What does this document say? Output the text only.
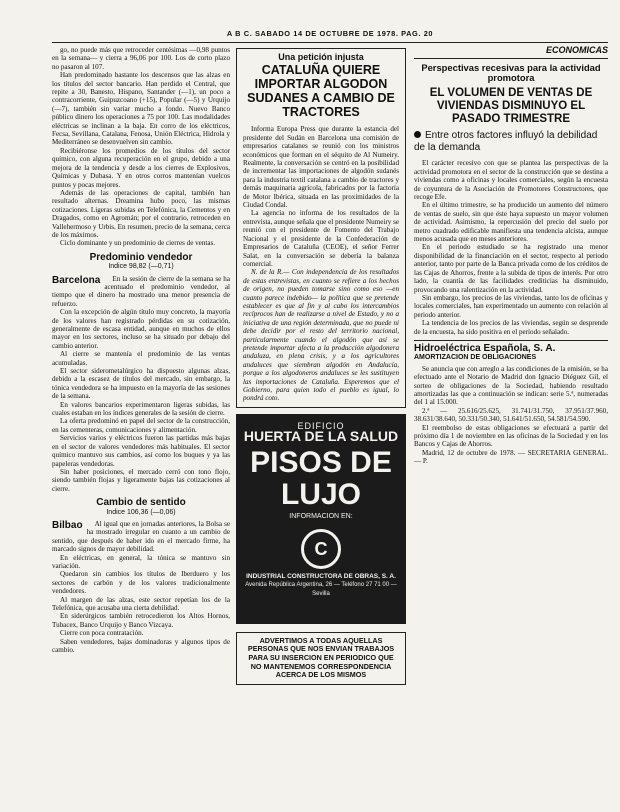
A B C. SABADO 14 DE OCTUBRE DE 1978. PAG. 20

go, no puede más que retroceder centésimas —0,98 puntos en la semana— y cierra a 96,06 por 100. Los de corto plazo no pasaron al 107.

Han predominado bastante los descensos que las alzas en los títulos del sector bancario. Han perdido el Central, que repite a 30, Banesto, Hispano, Santander (—1), un poco a contracorriente, Guipuzcoano (+15), Popular (—5) y Urquijo (—7), también sin variar mucho a fondo. Nuevo Banco público dinero los operaciones a 75 por 100. Las modalidades eléctricas se inclinan a la baja. En corro de los eléctricos, Fecsa, Sevillana, Catalana, Fenosa, Unión Eléctrica, Hidrola y Mediterráneo se desenvuelven sin cambio.

Recibiéronse los promedios de los títulos del sector químico, con alguna recuperación en el grupo, debido a una mejora de la tendencia y desde a los cierres de Explosivos, Químicas y Dubasa. Y en otros corros mantenían vuelcos puntos y pocas mejores.

Además de las operaciones de capital, también han resultado alternas. Dreamina hubo poco, las mismas cotizaciones. Ligeras subidas en Telefónica, la Cementos y en Dragados, como en Agromán; por el contrario, retroceden en Vallehermoso y Urbis. En resumen, precio de la semana, cerca de los máximos.

Ciclo dominante y un predominio de cierres de ventas.

Predominio vendedor
Indice 98,82 (—0,71)
Barcelona	En la sesión de cierre de la semana se ha acentuado el predominio vendedor, al tiempo que el dinero ha mostrado una menor presencia de refuerzo.

Con la excepción de algún título muy concreto, la mayoría de los valores han registrado pérdidas en su cotización, generalmente de escasa entidad, aunque en muchos de ellos mayor en los sectores, incluso se ha situado por debajo del cambio anterior.

Al cierre se mantenía el predominio de las ventas acumuladas.

El sector siderometalúrgico ha dispuesto algunas alzas, debido a la escasez de títulos del mercado, sin embargo, la tónica vendedora se ha impuesto en la mayoría de las sesiones de la semana.

En valores bancarios experimentaron ligeras subidas, las cuales estaban en los índices generales de la sesión de cierre.

La oferta predominó en papel del sector de la construcción, en las cementeras, comunicaciones y alimentación.

Servicios varios y eléctricos fueron las partidas más bajas en el sector de valores vendedores más habituales. El sector químico mantuvo sus cambios, así como los buques y ya las papeleras vendedoras.

Sin haber posiciones, el mercado cerró con tono flojo, siendo también flojas y ligeramente bajas las cotizaciones al cierre.

Cambio de sentido
Indice 106,36 (—0,06)
Bilbao	Al igual que en jornadas anteriores, la Bolsa se ha mostrado irregular en cuanto a un cambio de sentido, que después de haber ido en el mercado firme, ha marcado signos de mayor debilidad.

En eléctricas, en general, la tónica se mantuvo sin variación.

Quedaron sin cambios los títulos de Iberduero y los sectores de carbón y de los valores tradicionalmente vendedores.

Al margen de las alzas, este sector repetían los de la Telefónica, que acusaba una cierta debilidad.

En siderúrgicos también retrocedieron los Altos Hornos, Tubacex, Banco Urquijo y Banco Vizcaya.

Cierre con poca contratación.

Saben vendedores, bajas dominadoras y algunos tipos de cambio.

Una petición injusta
CATALUÑA QUIERE IMPORTAR ALGODON SUDANES A CAMBIO DE TRACTORES

Informa Europa Press que durante la estancia del presidente del Sudán en Barcelona una comisión de empresarios catalanes se reunió con los ministros económicos que forman en el séquito de Al Numeiry. Realmente, la conversación se centró en la posibilidad de incrementar las importaciones de algodón sudanés para la industria textil catalana a cambio de tractores y demás maquinaria agrícola, fabricados por la factoría de Motor Ibérica, situada en las proximidades de la Ciudad Condal.

La agencia no informa de los resultados de la entrevista, aunque señala que el presidente Numeiry se reunió con el presidente de Fomento del Trabajo Nacional y el presidente de la Confederación de Empresarios de Cataluña (CEOE), el señor Ferrer Salat, en la conversación se debería la balanza comercial.

N. de la R.— Con independencia de los resultados de estas entrevistas, en cuanto se refiere a los hechos de origen, no pueden tomarse sino como eso —en cuanto parece indebido— la política que se pretende establecer es que al fin y al cabo los intercambios recíprocos han de realizarse a nivel de Estado, y no a iniciativa de una región determinada, que no puede ni debe decidir por el resto del territorio nacional, particularmente cuando el algodón que así se pretende importar afecta a la producción algodonera andaluza, en plena crisis, y a los agricultores andaluces que siembran algodón en Andalucía, porque a los algodoneros andaluces se les sustituyen las importaciones de Cataluña. Esperemos que el Gobierno, para quien todo el pueblo es igual, lo pondrá coto.

EDIFICIO
HUERTA DE LA SALUD
PISOS DE LUJO
INFORMACION EN:
C
INDUSTRIAL CONSTRUCTORA DE OBRAS, S. A.
Avenida República Argentina, 26 — Teléfono 27 71 00 — Sevilla
ADVERTIMOS A TODAS AQUELLAS PERSONAS QUE NOS ENVIAN TRABAJOS PARA SU INSERCION EN PERIODICO QUE NO MANTENEMOS CORRESPONDENCIA ACERCA DE LOS MISMOS
ECONOMICAS
Perspectivas recesivas para la actividad promotora
EL VOLUMEN DE VENTAS DE VIVIENDAS DISMINUYO EL PASADO TRIMESTRE
Entre otros factores influyó la debilidad de la demanda

El carácter recesivo con que se plantea las perspectivas de la actividad promotora en el sector de la construcción que se destina a viviendas como a oficinas y locales comerciales, según la encuesta de coyuntura de la Asociación de Promotores Constructores, que recoge Efe.

En el último trimestre, se ha producido un aumento del número de ventas de suelo, sin que éste haya supuesto un mayor volumen de actividad. Asimismo, la repercusión del precio del suelo por metro cuadrado edificable manifiesta una tendencia alcista, aunque menos acusada que en meses anteriores.

En el periodo estudiado se ha registrado una menor disponibilidad de la financiación en el sector, respecto al periodo anterior, tanto por parte de la Banca privada como de los créditos de las Cajas de Ahorros, frente a la subida de tipos de interés. Por otro lado, la cuantía de las facilidades crediticias ha disminuido, provocando una ralentización en la actividad.

Sin embargo, los precios de las viviendas, tanto los de oficinas y locales comerciales, han experimentado un aumento con relación al periodo anterior.

La tendencia de los precios de las viviendas, según se desprende de la encuesta, ha sido positiva en el período señalado.

Hidroeléctrica Española, S. A.
AMORTIZACION DE OBLIGACIONES

Se anuncia que con arreglo a las condiciones de la emisión, se ha efectuado ante el Notario de Madrid don Ignacio Diéguez Gil, el sorteo de obligaciones de la Sociedad, habiendo resultado amortizadas las que a continuación se indican: serie 5.ª, numeradas del 1 al 15.000.

2.ª — 25.616/25.625, 31.741/31.750, 37.951/37.960, 38.631/38.640, 50.331/50.340, 51.641/51.650, 54.581/54.590.

El reembolso de estas obligaciones se efectuará a partir del próximo día 1 de noviembre en las oficinas de la Sociedad y en los Bancos y Cajas de Ahorros.

Madrid, 12 de octubre de 1978. — SECRETARIA GENERAL. — P.
